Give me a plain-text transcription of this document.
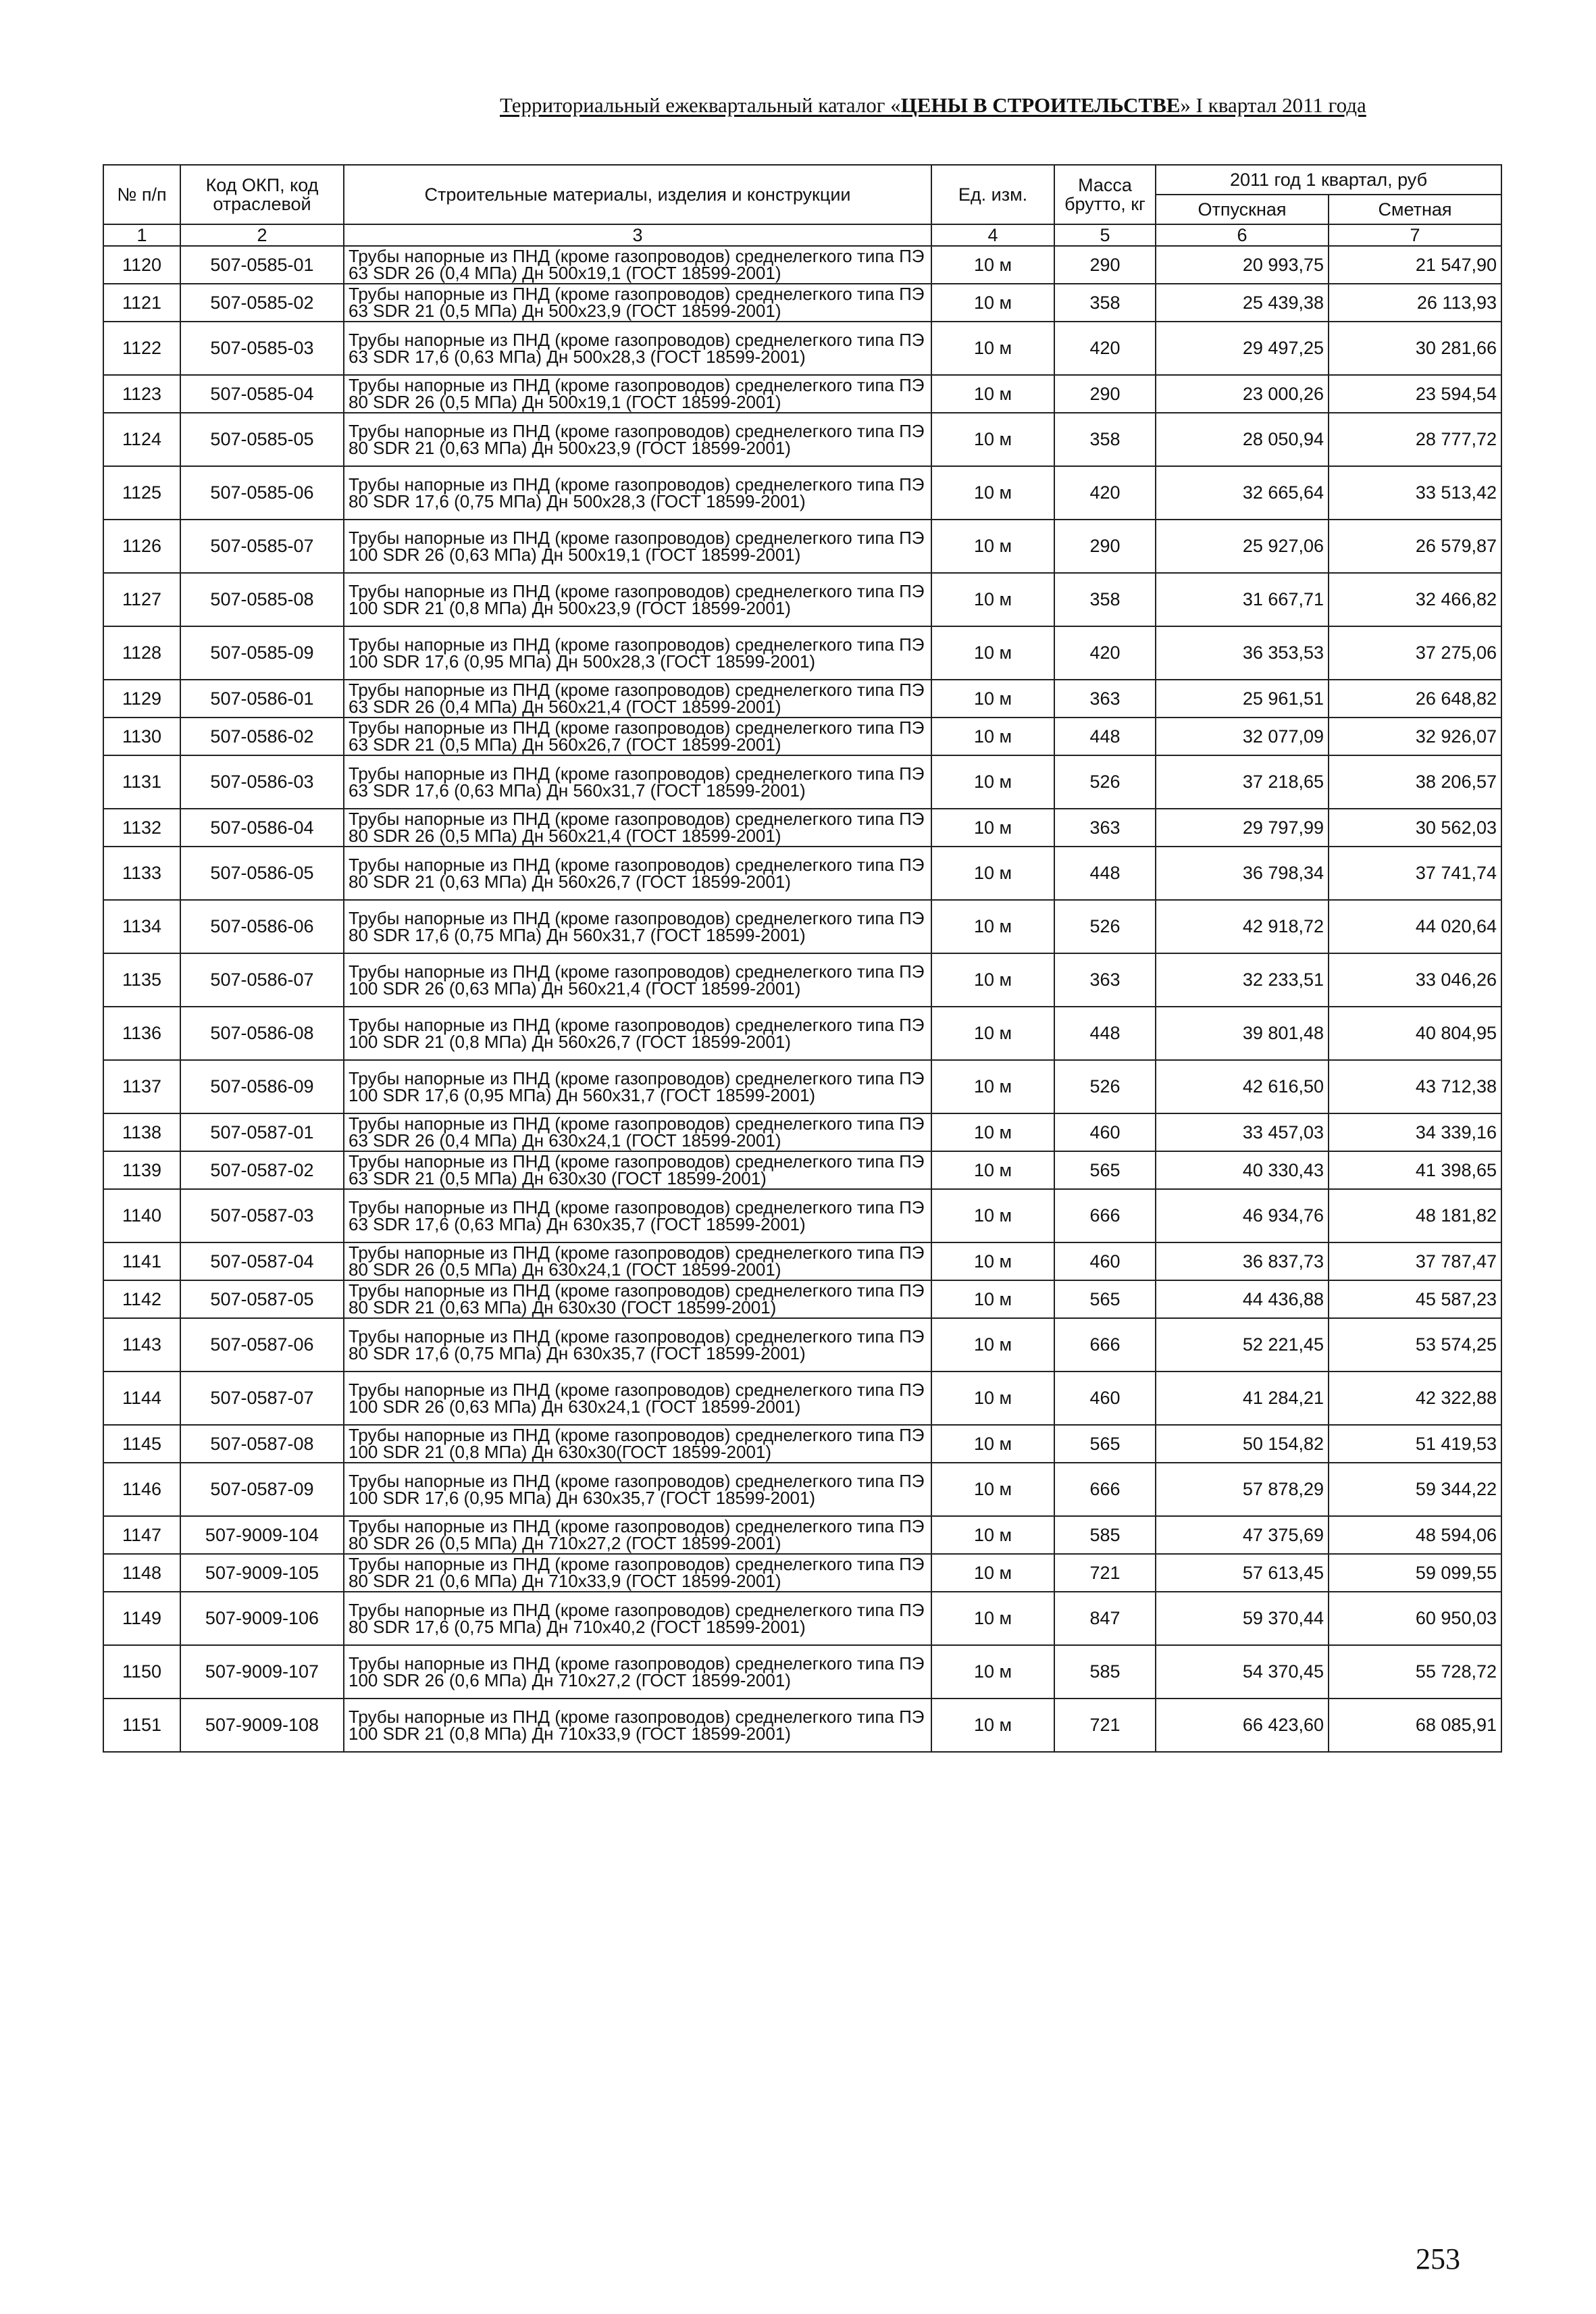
Территориальный ежеквартальный каталог «ЦЕНЫ В СТРОИТЕЛЬСТВЕ» I квартал 2011 года
№ п/п	Код ОКП, код отраслевой	Строительные материалы, изделия и конструкции	Ед. изм.	Масса брутто, кг	2011 год 1 квартал, руб	
					Отпускная	Сметная
1	2	3	4	5	6	7
1120	507-0585-01	Трубы напорные из ПНД (кроме газопроводов) среднелегкого типа ПЭ 63 SDR 26 (0,4 МПа) Дн 500х19,1 (ГОСТ 18599-2001)	10 м	290	20 993,75	21 547,90
1121	507-0585-02	Трубы напорные из ПНД (кроме газопроводов) среднелегкого типа ПЭ 63 SDR 21 (0,5 МПа) Дн 500х23,9 (ГОСТ 18599-2001)	10 м	358	25 439,38	26 113,93
1122	507-0585-03	Трубы напорные из ПНД (кроме газопроводов) среднелегкого типа ПЭ 63 SDR 17,6 (0,63 МПа) Дн 500х28,3 (ГОСТ 18599-2001)	10 м	420	29 497,25	30 281,66
1123	507-0585-04	Трубы напорные из ПНД (кроме газопроводов) среднелегкого типа ПЭ 80 SDR 26 (0,5 МПа) Дн 500х19,1 (ГОСТ 18599-2001)	10 м	290	23 000,26	23 594,54
1124	507-0585-05	Трубы напорные из ПНД (кроме газопроводов) среднелегкого типа ПЭ 80 SDR 21 (0,63 МПа) Дн 500х23,9 (ГОСТ 18599-2001)	10 м	358	28 050,94	28 777,72
1125	507-0585-06	Трубы напорные из ПНД (кроме газопроводов) среднелегкого типа ПЭ 80 SDR 17,6 (0,75 МПа) Дн 500х28,3 (ГОСТ 18599-2001)	10 м	420	32 665,64	33 513,42
1126	507-0585-07	Трубы напорные из ПНД (кроме газопроводов) среднелегкого типа ПЭ 100 SDR 26 (0,63 МПа) Дн 500х19,1 (ГОСТ 18599-2001)	10 м	290	25 927,06	26 579,87
1127	507-0585-08	Трубы напорные из ПНД (кроме газопроводов) среднелегкого типа ПЭ 100 SDR 21 (0,8 МПа) Дн 500х23,9 (ГОСТ 18599-2001)	10 м	358	31 667,71	32 466,82
1128	507-0585-09	Трубы напорные из ПНД (кроме газопроводов) среднелегкого типа ПЭ 100 SDR 17,6 (0,95 МПа) Дн 500х28,3 (ГОСТ 18599-2001)	10 м	420	36 353,53	37 275,06
1129	507-0586-01	Трубы напорные из ПНД (кроме газопроводов) среднелегкого типа ПЭ 63 SDR 26 (0,4 МПа) Дн 560х21,4 (ГОСТ 18599-2001)	10 м	363	25 961,51	26 648,82
1130	507-0586-02	Трубы напорные из ПНД (кроме газопроводов) среднелегкого типа ПЭ 63 SDR 21 (0,5 МПа) Дн 560х26,7 (ГОСТ 18599-2001)	10 м	448	32 077,09	32 926,07
1131	507-0586-03	Трубы напорные из ПНД (кроме газопроводов) среднелегкого типа ПЭ 63 SDR 17,6 (0,63 МПа) Дн 560х31,7 (ГОСТ 18599-2001)	10 м	526	37 218,65	38 206,57
1132	507-0586-04	Трубы напорные из ПНД (кроме газопроводов) среднелегкого типа ПЭ 80 SDR 26 (0,5 МПа) Дн 560х21,4 (ГОСТ 18599-2001)	10 м	363	29 797,99	30 562,03
1133	507-0586-05	Трубы напорные из ПНД (кроме газопроводов) среднелегкого типа ПЭ 80 SDR 21 (0,63 МПа) Дн 560х26,7 (ГОСТ 18599-2001)	10 м	448	36 798,34	37 741,74
1134	507-0586-06	Трубы напорные из ПНД (кроме газопроводов) среднелегкого типа ПЭ 80 SDR 17,6 (0,75 МПа) Дн 560х31,7 (ГОСТ 18599-2001)	10 м	526	42 918,72	44 020,64
1135	507-0586-07	Трубы напорные из ПНД (кроме газопроводов) среднелегкого типа ПЭ 100 SDR 26 (0,63 МПа) Дн 560х21,4 (ГОСТ 18599-2001)	10 м	363	32 233,51	33 046,26
1136	507-0586-08	Трубы напорные из ПНД (кроме газопроводов) среднелегкого типа ПЭ 100 SDR 21 (0,8 МПа) Дн 560х26,7 (ГОСТ 18599-2001)	10 м	448	39 801,48	40 804,95
1137	507-0586-09	Трубы напорные из ПНД (кроме газопроводов) среднелегкого типа ПЭ 100 SDR 17,6 (0,95 МПа) Дн 560х31,7 (ГОСТ 18599-2001)	10 м	526	42 616,50	43 712,38
1138	507-0587-01	Трубы напорные из ПНД (кроме газопроводов) среднелегкого типа ПЭ 63 SDR 26 (0,4 МПа) Дн 630х24,1 (ГОСТ 18599-2001)	10 м	460	33 457,03	34 339,16
1139	507-0587-02	Трубы напорные из ПНД (кроме газопроводов) среднелегкого типа ПЭ 63 SDR 21 (0,5 МПа) Дн 630х30 (ГОСТ 18599-2001)	10 м	565	40 330,43	41 398,65
1140	507-0587-03	Трубы напорные из ПНД (кроме газопроводов) среднелегкого типа ПЭ 63 SDR 17,6 (0,63 МПа) Дн 630х35,7 (ГОСТ 18599-2001)	10 м	666	46 934,76	48 181,82
1141	507-0587-04	Трубы напорные из ПНД (кроме газопроводов) среднелегкого типа ПЭ 80 SDR 26 (0,5 МПа) Дн 630х24,1 (ГОСТ 18599-2001)	10 м	460	36 837,73	37 787,47
1142	507-0587-05	Трубы напорные из ПНД (кроме газопроводов) среднелегкого типа ПЭ 80 SDR 21 (0,63 МПа) Дн 630х30 (ГОСТ 18599-2001)	10 м	565	44 436,88	45 587,23
1143	507-0587-06	Трубы напорные из ПНД (кроме газопроводов) среднелегкого типа ПЭ 80 SDR 17,6 (0,75 МПа) Дн 630х35,7 (ГОСТ 18599-2001)	10 м	666	52 221,45	53 574,25
1144	507-0587-07	Трубы напорные из ПНД (кроме газопроводов) среднелегкого типа ПЭ 100 SDR 26 (0,63 МПа) Дн 630х24,1 (ГОСТ 18599-2001)	10 м	460	41 284,21	42 322,88
1145	507-0587-08	Трубы напорные из ПНД (кроме газопроводов) среднелегкого типа ПЭ 100 SDR 21 (0,8 МПа) Дн 630х30(ГОСТ 18599-2001)	10 м	565	50 154,82	51 419,53
1146	507-0587-09	Трубы напорные из ПНД (кроме газопроводов) среднелегкого типа ПЭ 100 SDR 17,6 (0,95 МПа) Дн 630х35,7 (ГОСТ 18599-2001)	10 м	666	57 878,29	59 344,22
1147	507-9009-104	Трубы напорные из ПНД (кроме газопроводов) среднелегкого типа ПЭ 80 SDR 26 (0,5 МПа) Дн 710х27,2 (ГОСТ 18599-2001)	10 м	585	47 375,69	48 594,06
1148	507-9009-105	Трубы напорные из ПНД (кроме газопроводов) среднелегкого типа ПЭ 80 SDR 21 (0,6 МПа) Дн 710х33,9 (ГОСТ 18599-2001)	10 м	721	57 613,45	59 099,55
1149	507-9009-106	Трубы напорные из ПНД (кроме газопроводов) среднелегкого типа ПЭ 80 SDR 17,6 (0,75 МПа) Дн 710х40,2 (ГОСТ 18599-2001)	10 м	847	59 370,44	60 950,03
1150	507-9009-107	Трубы напорные из ПНД (кроме газопроводов) среднелегкого типа ПЭ 100 SDR 26 (0,6 МПа) Дн 710х27,2 (ГОСТ 18599-2001)	10 м	585	54 370,45	55 728,72
1151	507-9009-108	Трубы напорные из ПНД (кроме газопроводов) среднелегкого типа ПЭ 100 SDR 21 (0,8 МПа) Дн 710х33,9 (ГОСТ 18599-2001)	10 м	721	66 423,60	68 085,91
253
